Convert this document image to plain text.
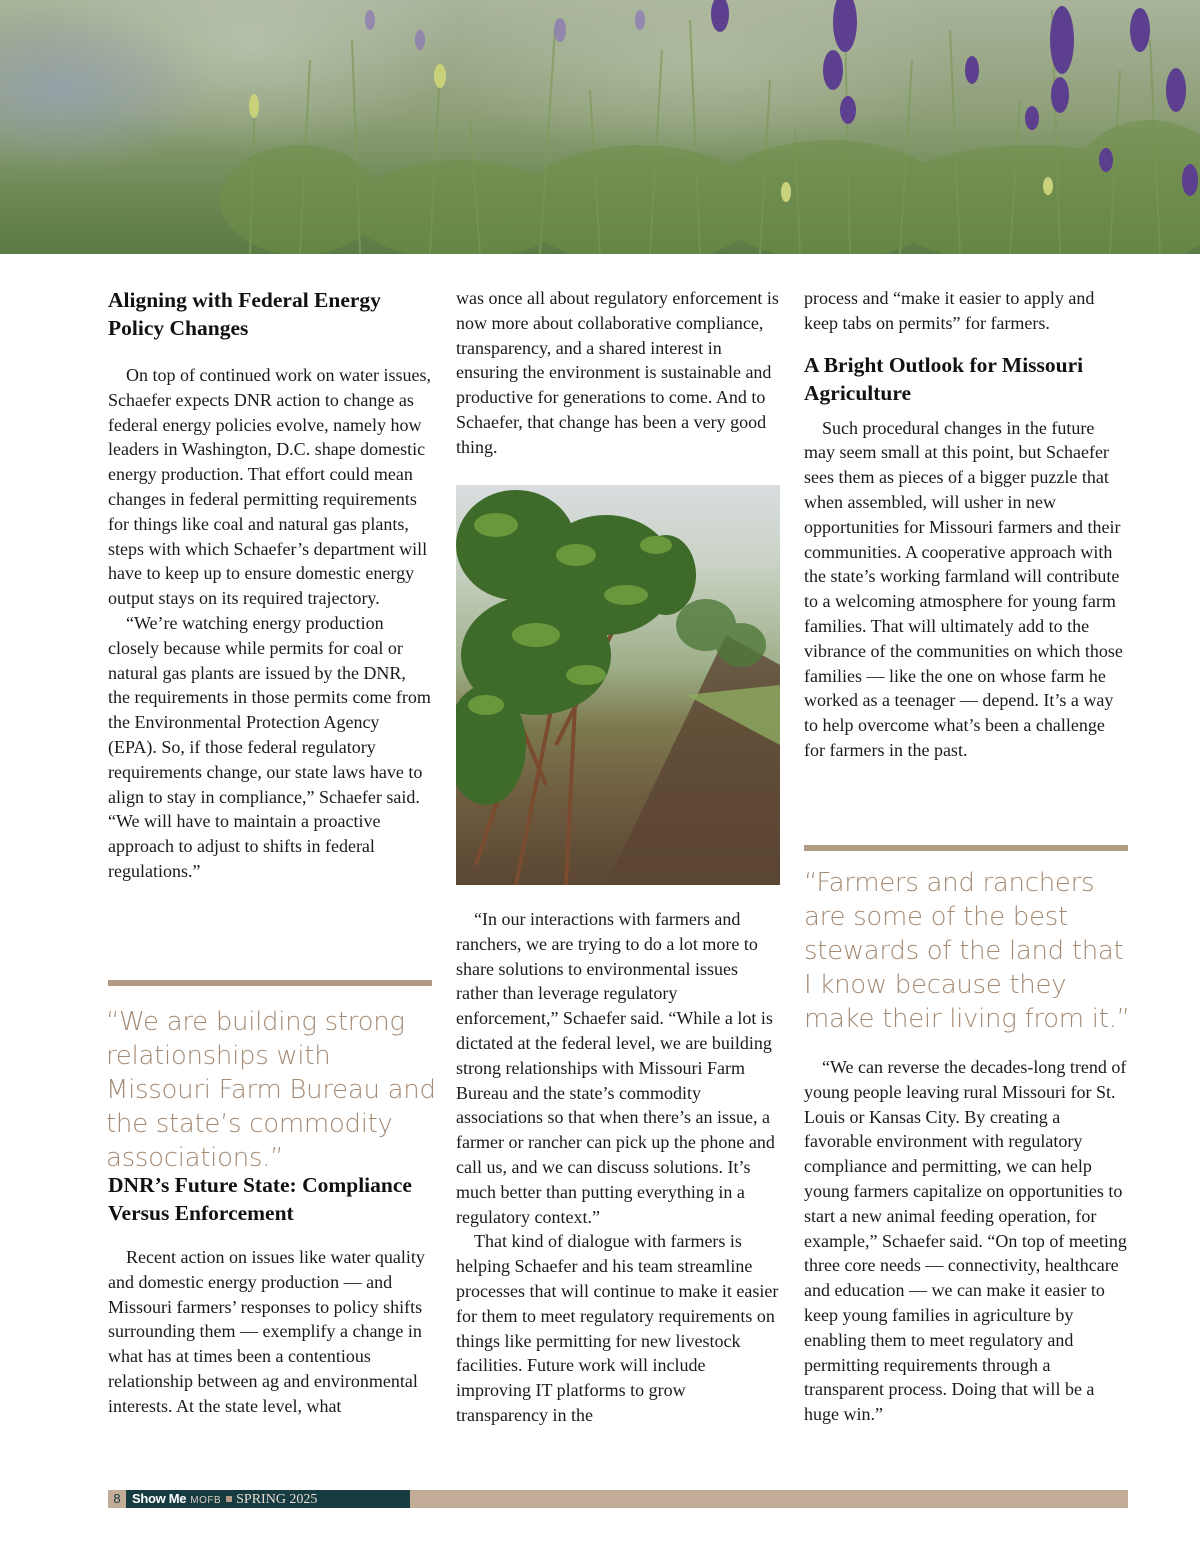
Aligning with Federal Energy Policy Changes

On top of continued work on water issues, Schaefer expects DNR action to change as federal energy policies evolve, namely how leaders in Washington, D.C. shape domestic energy production. That effort could mean changes in federal permitting requirements for things like coal and natural gas plants, steps with which Schaefer’s department will have to keep up to ensure domestic energy output stays on its required trajectory.

“We’re watching energy production closely because while permits for coal or natural gas plants are issued by the DNR, the requirements in those permits come from the Environmental Protection Agency (EPA). So, if those federal regulatory requirements change, our state laws have to align to stay in compliance,” Schaefer said. “We will have to maintain a proactive approach to adjust to shifts in federal regulations.”

“We are building strong relationships with Missouri Farm Bureau and the state’s commodity associations.”
DNR’s Future State: Compliance Versus Enforcement

Recent action on issues like water quality and domestic energy production — and Missouri farmers’ responses to policy shifts surrounding them — exemplify a change in what has at times been a contentious relationship between ag and environmental interests. At the state level, what

was once all about regulatory enforcement is now more about collaborative compliance, transparency, and a shared interest in ensuring the environment is sustainable and productive for generations to come. And to Schaefer, that change has been a very good thing.

“In our interactions with farmers and ranchers, we are trying to do a lot more to share solutions to environmental issues rather than leverage regulatory enforcement,” Schaefer said. “While a lot is dictated at the federal level, we are building strong relationships with Missouri Farm Bureau and the state’s commodity associations so that when there’s an issue, a farmer or rancher can pick up the phone and call us, and we can discuss solutions. It’s much better than putting everything in a regulatory context.”

That kind of dialogue with farmers is helping Schaefer and his team streamline processes that will continue to make it easier for them to meet regulatory requirements on things like permitting for new livestock facilities. Future work will include improving IT platforms to grow transparency in the

process and “make it easier to apply and keep tabs on permits” for farmers.

A Bright Outlook for Missouri Agriculture

Such procedural changes in the future may seem small at this point, but Schaefer sees them as pieces of a bigger puzzle that when assembled, will usher in new opportunities for Missouri farmers and their communities. A cooperative approach with the state’s working farmland will contribute to a welcoming atmosphere for young farm families. That will ultimately add to the vibrance of the communities on which those families — like the one on whose farm he worked as a teenager — depend. It’s a way to help overcome what’s been a challenge for farmers in the past.

“Farmers and ranchers are some of the best stewards of the land that I know because they make their living from it.”

“We can reverse the decades-long trend of young people leaving rural Missouri for St. Louis or Kansas City. By creating a favorable environment with regulatory compliance and permitting, we can help young farmers capitalize on opportunities to start a new animal feeding operation, for example,” Schaefer said. “On top of meeting three core needs — connectivity, healthcare and education — we can make it easier to keep young families in agriculture by enabling them to meet regulatory and permitting requirements through a transparent process. Doing that will be a huge win.”

8 Show Me MOFB SPRING 2025
